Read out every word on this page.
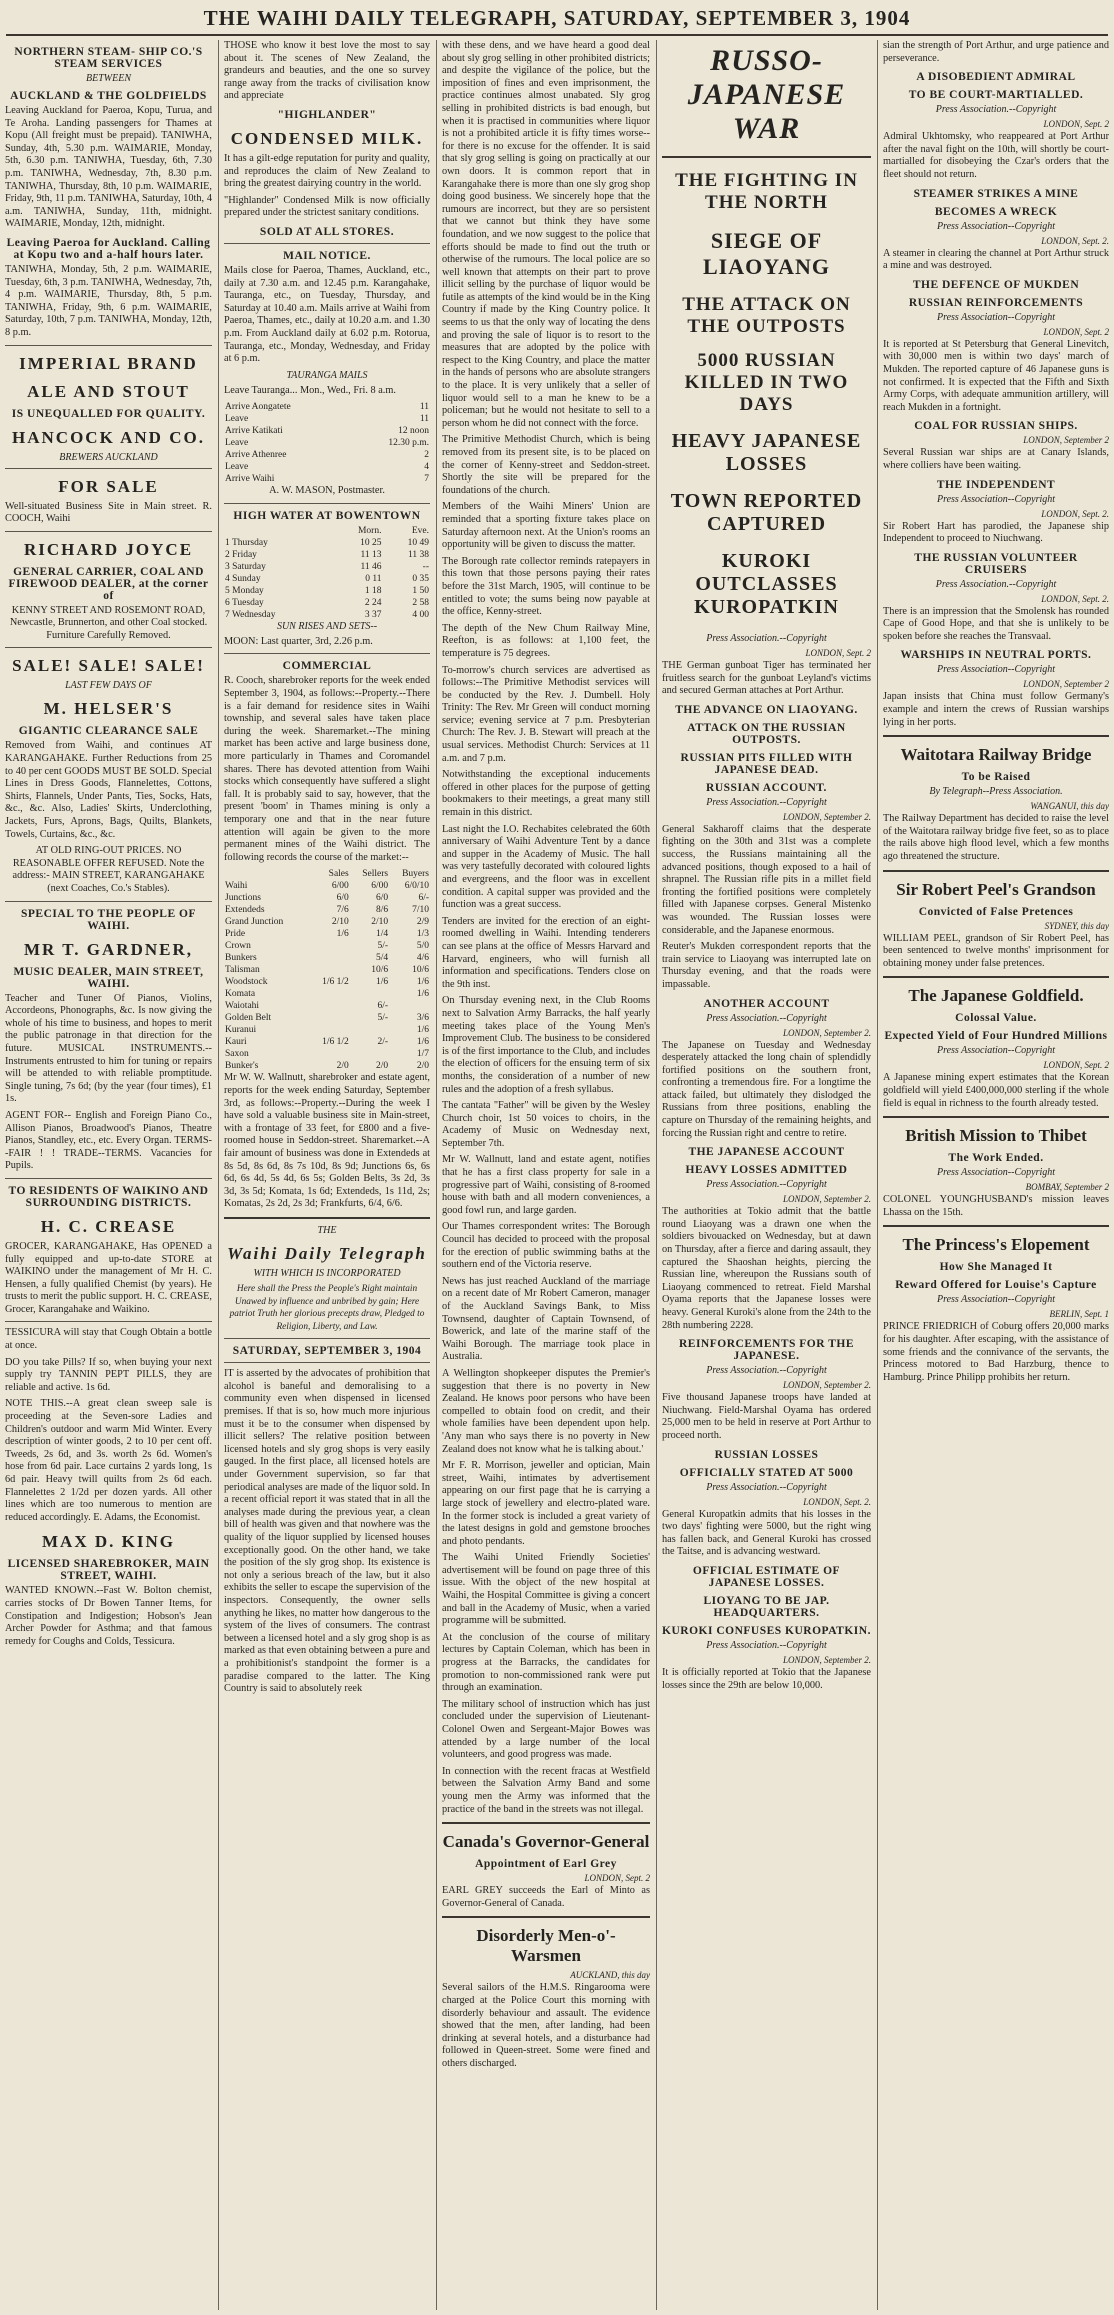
THE WAIHI DAILY TELEGRAPH, SATURDAY, SEPTEMBER 3, 1904
NORTHERN STEAM- SHIP CO.'S STEAM SERVICES
BETWEEN
AUCKLAND & THE GOLDFIELDS

Leaving Auckland for Paeroa, Kopu, Turua, and Te Aroha. Landing passengers for Thames at Kopu (All freight must be prepaid). TANIWHA, Sunday, 4th, 5.30 p.m. WAIMARIE, Monday, 5th, 6.30 p.m. TANIWHA, Tuesday, 6th, 7.30 p.m. TANIWHA, Wednesday, 7th, 8.30 p.m. TANIWHA, Thursday, 8th, 10 p.m. WAIMARIE, Friday, 9th, 11 p.m. TANIWHA, Saturday, 10th, 4 a.m. TANIWHA, Sunday, 11th, midnight. WAIMARIE, Monday, 12th, midnight.

Leaving Paeroa for Auckland. Calling at Kopu two and a-half hours later.

TANIWHA, Monday, 5th, 2 p.m. WAIMARIE, Tuesday, 6th, 3 p.m. TANIWHA, Wednesday, 7th, 4 p.m. WAIMARIE, Thursday, 8th, 5 p.m. TANIWHA, Friday, 9th, 6 p.m. WAIMARIE, Saturday, 10th, 7 p.m. TANIWHA, Monday, 12th, 8 p.m.

IMPERIAL BRAND
ALE AND STOUT
IS UNEQUALLED FOR QUALITY.
HANCOCK AND CO.
BREWERS AUCKLAND
FOR SALE

Well-situated Business Site in Main street. R. COOCH, Waihi

RICHARD JOYCE
GENERAL CARRIER, COAL AND FIREWOOD DEALER, at the corner of

KENNY STREET AND ROSEMONT ROAD, Newcastle, Brunnerton, and other Coal stocked. Furniture Carefully Removed.

SALE! SALE! SALE!
LAST FEW DAYS OF
M. HELSER'S
GIGANTIC CLEARANCE SALE

Removed from Waihi, and continues AT KARANGAHAKE. Further Reductions from 25 to 40 per cent GOODS MUST BE SOLD. Special Lines in Dress Goods, Flannelettes, Cottons, Shirts, Flannels, Under Pants, Ties, Socks, Hats, &c., &c. Also, Ladies' Skirts, Underclothing, Jackets, Furs, Aprons, Bags, Quilts, Blankets, Towels, Curtains, &c., &c.

AT OLD RING-OUT PRICES. NO REASONABLE OFFER REFUSED. Note the address:- MAIN STREET, KARANGAHAKE (next Coaches, Co.'s Stables).

SPECIAL TO THE PEOPLE OF WAIHI.
MR T. GARDNER,
MUSIC DEALER, MAIN STREET, WAIHI.

Teacher and Tuner Of Pianos, Violins, Accordeons, Phonographs, &c. Is now giving the whole of his time to business, and hopes to merit the public patronage in that direction for the future. MUSICAL INSTRUMENTS.--Instruments entrusted to him for tuning or repairs will be attended to with reliable promptitude. Single tuning, 7s 6d; (by the year (four times), £1 1s.

AGENT FOR-- English and Foreign Piano Co., Allison Pianos, Broadwood's Pianos, Theatre Pianos, Standley, etc., etc. Every Organ. TERMS--FAIR ! ! TRADE--TERMS. Vacancies for Pupils.

TO RESIDENTS OF WAIKINO AND SURROUNDING DISTRICTS.
H. C. CREASE

GROCER, KARANGAHAKE, Has OPENED a fully equipped and up-to-date STORE at WAIKINO under the management of Mr H. C. Hensen, a fully qualified Chemist (by years). He trusts to merit the public support. H. C. CREASE, Grocer, Karangahake and Waikino.

TESSICURA will stay that Cough Obtain a bottle at once.

DO you take Pills? If so, when buying your next supply try TANNIN PEPT PILLS, they are reliable and active. 1s 6d.

NOTE THIS.--A great clean sweep sale is proceeding at the Seven-sore Ladies and Children's outdoor and warm Mid Winter. Every description of winter goods, 2 to 10 per cent off. Tweeds, 2s 6d, and 3s. worth 2s 6d. Women's hose from 6d pair. Lace curtains 2 yards long, 1s 6d pair. Heavy twill quilts from 2s 6d each. Flannelettes 2 1/2d per dozen yards. All other lines which are too numerous to mention are reduced accordingly. E. Adams, the Economist.

MAX D. KING
LICENSED SHAREBROKER, MAIN STREET, WAIHI.

WANTED KNOWN.--Fast W. Bolton chemist, carries stocks of Dr Bowen Tanner Items, for Constipation and Indigestion; Hobson's Jean Archer Powder for Asthma; and that famous remedy for Coughs and Colds, Tessicura.

THOSE who know it best love the most to say about it. The scenes of New Zealand, the grandeurs and beauties, and the one so survey range away from the tracks of civilisation know and appreciate

"HIGHLANDER"
CONDENSED MILK.

It has a gilt-edge reputation for purity and quality, and reproduces the claim of New Zealand to bring the greatest dairying country in the world.

"Highlander" Condensed Milk is now officially prepared under the strictest sanitary conditions.

SOLD AT ALL STORES.
MAIL NOTICE.

Mails close for Paeroa, Thames, Auckland, etc., daily at 7.30 a.m. and 12.45 p.m. Karangahake, Tauranga, etc., on Tuesday, Thursday, and Saturday at 10.40 a.m. Mails arrive at Waihi from Paeroa, Thames, etc., daily at 10.20 a.m. and 1.30 p.m. From Auckland daily at 6.02 p.m. Rotorua, Tauranga, etc., Monday, Wednesday, and Friday at 6 p.m.

TAURANGA MAILS
Leave Tauranga... Mon., Wed., Fri. 8 a.m.
Arrive Aongatete	11
Leave	11
Arrive Katikati	12 noon
Leave	12.30 p.m.
Arrive Athenree	2
Leave	4
Arrive Waihi	7
A. W. MASON, Postmaster.
HIGH WATER AT BOWENTOWN
	Morn.	Eve.
1 Thursday	10 25	10 49
2 Friday	11 13	11 38
3 Saturday	11 46	--
4 Sunday	0 11	0 35
5 Monday	1 18	1 50
6 Tuesday	2 24	2 58
7 Wednesday	3 37	4 00
SUN RISES AND SETS--
MOON: Last quarter, 3rd, 2.26 p.m.
COMMERCIAL

R. Cooch, sharebroker reports for the week ended September 3, 1904, as follows:--Property.--There is a fair demand for residence sites in Waihi township, and several sales have taken place during the week. Sharemarket.--The mining market has been active and large business done, more particularly in Thames and Coromandel shares. There has devoted attention from Waihi stocks which consequently have suffered a slight fall. It is probably said to say, however, that the present 'boom' in Thames mining is only a temporary one and that in the near future attention will again be given to the more permanent mines of the Waihi district. The following records the course of the market:--

	Sales	Sellers	Buyers
Waihi	6/00	6/00	6/0/10
Junctions	6/0	6/0	6/-
Extendeds	7/6	8/6	7/10
Grand Junction	2/10	2/10	2/9
Pride	1/6	1/4	1/3
Crown		5/-	5/0
Bunkers		5/4	4/6
Talisman		10/6	10/6
Woodstock	1/6 1/2	1/6	1/6
Komata			1/6
Waiotahi		6/-	
Golden Belt		5/-	3/6
Kuranui			1/6
Kauri	1/6 1/2	2/-	1/6
Saxon			1/7
Bunker's	2/0	2/0	2/0

Mr W. W. Wallnutt, sharebroker and estate agent, reports for the week ending Saturday, September 3rd, as follows:--Property.--During the week I have sold a valuable business site in Main-street, with a frontage of 33 feet, for £800 and a five-roomed house in Seddon-street. Sharemarket.--A fair amount of business was done in Extendeds at 8s 5d, 8s 6d, 8s 7s 10d, 8s 9d; Junctions 6s, 6s 6d, 6s 4d, 5s 4d, 6s 5s; Golden Belts, 3s 2d, 3s 3d, 3s 5d; Komata, 1s 6d; Extendeds, 1s 11d, 2s; Komatas, 2s 2d, 2s 3d; Frankfurts, 6/4, 6/6.

THE
Waihi Daily Telegraph
WITH WHICH IS INCORPORATED

Here shall the Press the People's Right maintain Unawed by influence and unbribed by gain; Here patriot Truth her glorious precepts draw, Pledged to Religion, Liberty, and Law.

SATURDAY, SEPTEMBER 3, 1904

IT is asserted by the advocates of prohibition that alcohol is baneful and demoralising to a community even when dispensed in licensed premises. If that is so, how much more injurious must it be to the consumer when dispensed by illicit sellers? The relative position between licensed hotels and sly grog shops is very easily gauged. In the first place, all licensed hotels are under Government supervision, so far that periodical analyses are made of the liquor sold. In a recent official report it was stated that in all the analyses made during the previous year, a clean bill of health was given and that nowhere was the quality of the liquor supplied by licensed houses exceptionally good. On the other hand, we take the position of the sly grog shop. Its existence is not only a serious breach of the law, but it also exhibits the seller to escape the supervision of the inspectors. Consequently, the owner sells anything he likes, no matter how dangerous to the system of the lives of consumers. The contrast between a licensed hotel and a sly grog shop is as marked as that even obtaining between a pure and a prohibitionist's standpoint the former is a paradise compared to the latter. The King Country is said to absolutely reek

with these dens, and we have heard a good deal about sly grog selling in other prohibited districts; and despite the vigilance of the police, but the imposition of fines and even imprisonment, the practice continues almost unabated. Sly grog selling in prohibited districts is bad enough, but when it is practised in communities where liquor is not a prohibited article it is fifty times worse--for there is no excuse for the offender. It is said that sly grog selling is going on practically at our own doors. It is common report that in Karangahake there is more than one sly grog shop doing good business. We sincerely hope that the rumours are incorrect, but they are so persistent that we cannot but think they have some foundation, and we now suggest to the police that efforts should be made to find out the truth or otherwise of the rumours. The local police are so well known that attempts on their part to prove illicit selling by the purchase of liquor would be futile as attempts of the kind would be in the King Country if made by the King Country police. It seems to us that the only way of locating the dens and proving the sale of liquor is to resort to the measures that are adopted by the police with respect to the King Country, and place the matter in the hands of persons who are absolute strangers to the place. It is very unlikely that a seller of liquor would sell to a man he knew to be a policeman; but he would not hesitate to sell to a person whom he did not connect with the force.

The Primitive Methodist Church, which is being removed from its present site, is to be placed on the corner of Kenny-street and Seddon-street. Shortly the site will be prepared for the foundations of the church.

Members of the Waihi Miners' Union are reminded that a sporting fixture takes place on Saturday afternoon next. At the Union's rooms an opportunity will be given to discuss the matter.

The Borough rate collector reminds ratepayers in this town that those persons paying their rates before the 31st March, 1905, will continue to be entitled to vote; the sums being now payable at the office, Kenny-street.

The depth of the New Chum Railway Mine, Reefton, is as follows: at 1,100 feet, the temperature is 75 degrees.

To-morrow's church services are advertised as follows:--The Primitive Methodist services will be conducted by the Rev. J. Dumbell. Holy Trinity: The Rev. Mr Green will conduct morning service; evening service at 7 p.m. Presbyterian Church: The Rev. J. B. Stewart will preach at the usual services. Methodist Church: Services at 11 a.m. and 7 p.m.

Notwithstanding the exceptional inducements offered in other places for the purpose of getting bookmakers to their meetings, a great many still remain in this district.

Last night the I.O. Rechabites celebrated the 60th anniversary of Waihi Adventure Tent by a dance and supper in the Academy of Music. The hall was very tastefully decorated with coloured lights and evergreens, and the floor was in excellent condition. A capital supper was provided and the function was a great success.

Tenders are invited for the erection of an eight-roomed dwelling in Waihi. Intending tenderers can see plans at the office of Messrs Harvard and Harvard, engineers, who will furnish all information and specifications. Tenders close on the 9th inst.

On Thursday evening next, in the Club Rooms next to Salvation Army Barracks, the half yearly meeting takes place of the Young Men's Improvement Club. The business to be considered is of the first importance to the Club, and includes the election of officers for the ensuing term of six months, the consideration of a number of new rules and the adoption of a fresh syllabus.

The cantata "Father" will be given by the Wesley Church choir, 1st 50 voices to choirs, in the Academy of Music on Wednesday next, September 7th.

Mr W. Wallnutt, land and estate agent, notifies that he has a first class property for sale in a progressive part of Waihi, consisting of 8-roomed house with bath and all modern conveniences, a good fowl run, and large garden.

Our Thames correspondent writes: The Borough Council has decided to proceed with the proposal for the erection of public swimming baths at the southern end of the Victoria reserve.

News has just reached Auckland of the marriage on a recent date of Mr Robert Cameron, manager of the Auckland Savings Bank, to Miss Townsend, daughter of Captain Townsend, of Bowerick, and late of the marine staff of the Waihi Borough. The marriage took place in Australia.

A Wellington shopkeeper disputes the Premier's suggestion that there is no poverty in New Zealand. He knows poor persons who have been compelled to obtain food on credit, and their whole families have been dependent upon help. 'Any man who says there is no poverty in New Zealand does not know what he is talking about.'

Mr F. R. Morrison, jeweller and optician, Main street, Waihi, intimates by advertisement appearing on our first page that he is carrying a large stock of jewellery and electro-plated ware. In the former stock is included a great variety of the latest designs in gold and gemstone brooches and photo pendants.

The Waihi United Friendly Societies' advertisement will be found on page three of this issue. With the object of the new hospital at Waihi, the Hospital Committee is giving a concert and ball in the Academy of Music, when a varied programme will be submitted.

At the conclusion of the course of military lectures by Captain Coleman, which has been in progress at the Barracks, the candidates for promotion to non-commissioned rank were put through an examination.

The military school of instruction which has just concluded under the supervision of Lieutenant-Colonel Owen and Sergeant-Major Bowes was attended by a large number of the local volunteers, and good progress was made.

In connection with the recent fracas at Westfield between the Salvation Army Band and some young men the Army was informed that the practice of the band in the streets was not illegal.

Canada's Governor-General
Appointment of Earl Grey
LONDON, Sept. 2

EARL GREY succeeds the Earl of Minto as Governor-General of Canada.

Disorderly Men-o'-Warsmen
AUCKLAND, this day

Several sailors of the H.M.S. Ringarooma were charged at the Police Court this morning with disorderly behaviour and assault. The evidence showed that the men, after landing, had been drinking at several hotels, and a disturbance had followed in Queen-street. Some were fined and others discharged.

RUSSO-JAPANESE WAR
THE FIGHTING IN THE NORTH
SIEGE OF LIAOYANG
THE ATTACK ON THE OUTPOSTS
5000 RUSSIAN KILLED IN TWO DAYS
HEAVY JAPANESE LOSSES
TOWN REPORTED CAPTURED
KUROKI OUTCLASSES KUROPATKIN
Press Association.--Copyright
LONDON, Sept. 2

THE German gunboat Tiger has terminated her fruitless search for the gunboat Leyland's victims and secured German attaches at Port Arthur.

THE ADVANCE ON LIAOYANG.
ATTACK ON THE RUSSIAN OUTPOSTS.
RUSSIAN PITS FILLED WITH JAPANESE DEAD.
RUSSIAN ACCOUNT.
Press Association.--Copyright
LONDON, September 2.

General Sakharoff claims that the desperate fighting on the 30th and 31st was a complete success, the Russians maintaining all the advanced positions, though exposed to a hail of shrapnel. The Russian rifle pits in a millet field fronting the fortified positions were completely filled with Japanese corpses. General Mistenko was wounded. The Russian losses were considerable, and the Japanese enormous.

Reuter's Mukden correspondent reports that the train service to Liaoyang was interrupted late on Thursday evening, and that the roads were impassable.

ANOTHER ACCOUNT
Press Association.--Copyright
LONDON, September 2.

The Japanese on Tuesday and Wednesday desperately attacked the long chain of splendidly fortified positions on the southern front, confronting a tremendous fire. For a longtime the attack failed, but ultimately they dislodged the Russians from three positions, enabling the capture on Thursday of the remaining heights, and forcing the Russian right and centre to retire.

THE JAPANESE ACCOUNT
HEAVY LOSSES ADMITTED
Press Association.--Copyright
LONDON, September 2.

The authorities at Tokio admit that the battle round Liaoyang was a drawn one when the soldiers bivouacked on Wednesday, but at dawn on Thursday, after a fierce and daring assault, they captured the Shaoshan heights, piercing the Russian line, whereupon the Russians south of Liaoyang commenced to retreat. Field Marshal Oyama reports that the Japanese losses were heavy. General Kuroki's alone from the 24th to the 28th numbering 2228.

REINFORCEMENTS FOR THE JAPANESE.
Press Association.--Copyright
LONDON, September 2.

Five thousand Japanese troops have landed at Niuchwang. Field-Marshal Oyama has ordered 25,000 men to be held in reserve at Port Arthur to proceed north.

RUSSIAN LOSSES
OFFICIALLY STATED AT 5000
Press Association.--Copyright
LONDON, Sept. 2.

General Kuropatkin admits that his losses in the two days' fighting were 5000, but the right wing has fallen back, and General Kuroki has crossed the Taitse, and is advancing westward.

OFFICIAL ESTIMATE OF JAPANESE LOSSES.
LIOYANG TO BE JAP. HEADQUARTERS.
KUROKI CONFUSES KUROPATKIN.
Press Association.--Copyright
LONDON, September 2.

It is officially reported at Tokio that the Japanese losses since the 29th are below 10,000.

sian the strength of Port Arthur, and urge patience and perseverance.

A DISOBEDIENT ADMIRAL
TO BE COURT-MARTIALLED.
Press Association.--Copyright
LONDON, Sept. 2

Admiral Ukhtomsky, who reappeared at Port Arthur after the naval fight on the 10th, will shortly be court-martialled for disobeying the Czar's orders that the fleet should not return.

STEAMER STRIKES A MINE
BECOMES A WRECK
Press Association--Copyright
LONDON, Sept. 2.

A steamer in clearing the channel at Port Arthur struck a mine and was destroyed.

THE DEFENCE OF MUKDEN
RUSSIAN REINFORCEMENTS
Press Association--Copyright
LONDON, Sept. 2

It is reported at St Petersburg that General Linevitch, with 30,000 men is within two days' march of Mukden. The reported capture of 46 Japanese guns is not confirmed. It is expected that the Fifth and Sixth Army Corps, with adequate ammunition artillery, will reach Mukden in a fortnight.

COAL FOR RUSSIAN SHIPS.
LONDON, September 2

Several Russian war ships are at Canary Islands, where colliers have been waiting.

THE INDEPENDENT
Press Association--Copyright
LONDON, Sept. 2.

Sir Robert Hart has parodied, the Japanese ship Independent to proceed to Niuchwang.

THE RUSSIAN VOLUNTEER CRUISERS
Press Association.--Copyright
LONDON, Sept. 2.

There is an impression that the Smolensk has rounded Cape of Good Hope, and that she is unlikely to be spoken before she reaches the Transvaal.

WARSHIPS IN NEUTRAL PORTS.
Press Association--Copyright
LONDON, September 2

Japan insists that China must follow Germany's example and intern the crews of Russian warships lying in her ports.

Waitotara Railway Bridge
To be Raised
By Telegraph--Press Association.
WANGANUI, this day

The Railway Department has decided to raise the level of the Waitotara railway bridge five feet, so as to place the rails above high flood level, which a few months ago threatened the structure.

Sir Robert Peel's Grandson
Convicted of False Pretences
SYDNEY, this day

WILLIAM PEEL, grandson of Sir Robert Peel, has been sentenced to twelve months' imprisonment for obtaining money under false pretences.

The Japanese Goldfield.
Colossal Value.
Expected Yield of Four Hundred Millions
Press Association--Copyright
LONDON, Sept. 2

A Japanese mining expert estimates that the Korean goldfield will yield £400,000,000 sterling if the whole field is equal in richness to the fourth already tested.

British Mission to Thibet
The Work Ended.
Press Association--Copyright
BOMBAY, September 2

COLONEL YOUNGHUSBAND's mission leaves Lhassa on the 15th.

The Princess's Elopement
How She Managed It
Reward Offered for Louise's Capture
Press Association--Copyright
BERLIN, Sept. 1

PRINCE FRIEDRICH of Coburg offers 20,000 marks for his daughter. After escaping, with the assistance of some friends and the connivance of the servants, the Princess motored to Bad Harzburg, thence to Hamburg. Prince Philipp prohibits her return.
